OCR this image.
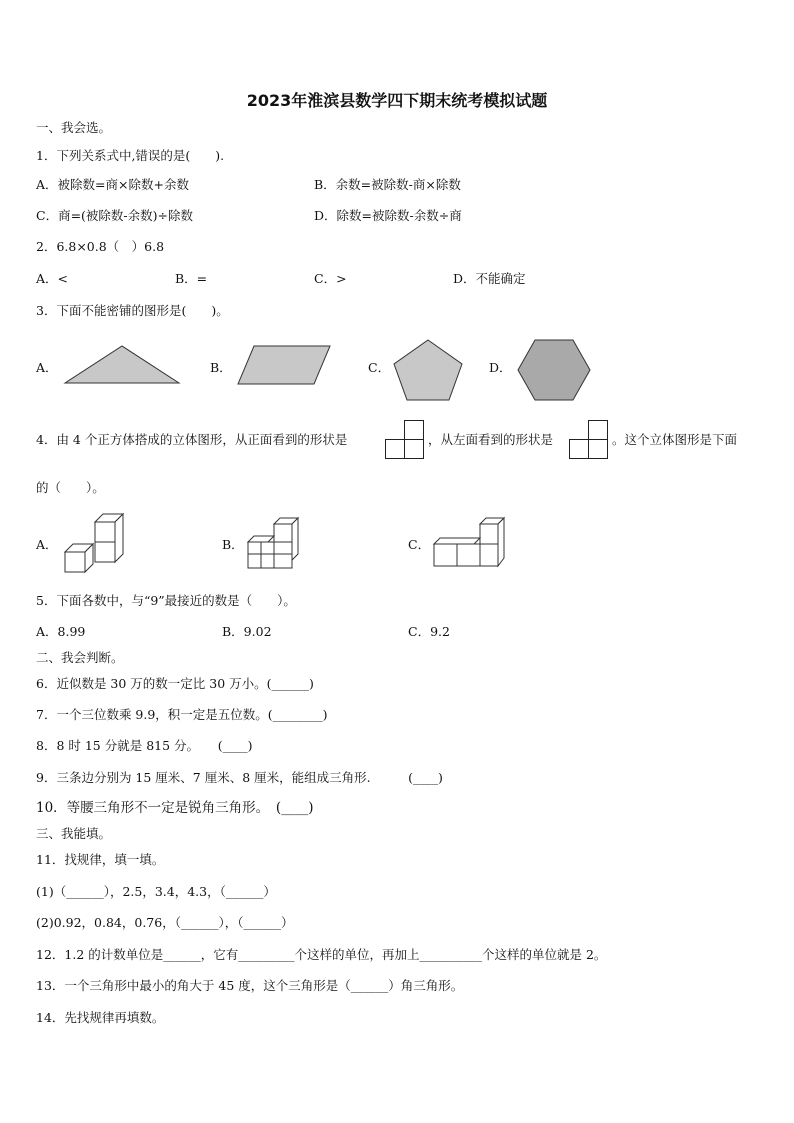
2023年淮滨县数学四下期末统考模拟试题
一、我会选。
1．下列关系式中,错误的是(　　).
A．被除数=商×除数+余数	B．余数=被除数-商×除数
C．商=(被除数-余数)÷除数	D．除数=被除数-余数÷商
2．6.8×0.8（　）6.8
A．<	B．=	C．>	D．不能确定
3．下面不能密铺的图形是(　　)。
A．	B．	C．	D．
4．由 4 个正方体搭成的立体图形，从正面看到的形状是	，从左面看到的形状是	。这个立体图形是下面
的（　　）。
A．	B．	C．
5．下面各数中，与“9”最接近的数是（　　）。
A．8.99	B．9.02	C．9.2
二、我会判断。
6．近似数是 30 万的数一定比 30 万小。(______)
7．一个三位数乘 9.9，积一定是五位数。(________)
8．8 时 15 分就是 815 分。　　(____)
9．三条边分别为 15 厘米、7 厘米、8 厘米，能组成三角形.　　　(____)
10．等腰三角形不一定是锐角三角形。　(____)
三、我能填。
11．找规律，填一填。
(1)（______），2.5，3.4，4.3，（______）
(2)0.92，0.84，0.76，（______），（______）
12．1.2 的计数单位是______，它有_________个这样的单位，再加上__________个这样的单位就是 2。
13．一个三角形中最小的角大于 45 度，这个三角形是（______）角三角形。
14．先找规律再填数。
